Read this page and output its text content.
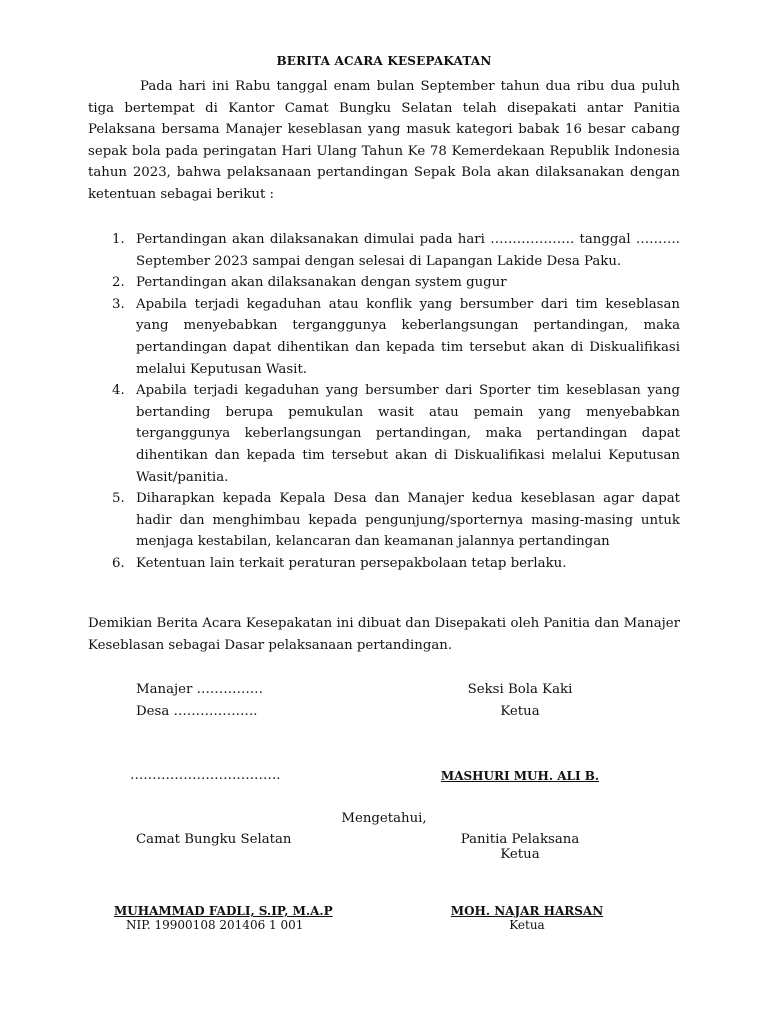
BERITA ACARA KESEPAKATAN

Pada hari ini Rabu tanggal enam bulan September tahun dua ribu dua puluh tiga bertempat di Kantor Camat Bungku Selatan telah disepakati antar Panitia Pelaksana bersama Manajer keseblasan yang masuk kategori babak 16 besar cabang sepak bola pada peringatan Hari Ulang Tahun Ke 78 Kemerdekaan Republik Indonesia tahun 2023, bahwa pelaksanaan pertandingan Sepak Bola akan dilaksanakan dengan ketentuan sebagai berikut :

1. Pertandingan akan dilaksanakan dimulai pada hari ………………. tanggal ………. September 2023 sampai dengan selesai di Lapangan Lakide Desa Paku.
2. Pertandingan akan dilaksanakan dengan system gugur
3. Apabila terjadi kegaduhan atau konflik yang bersumber dari tim keseblasan yang menyebabkan terganggunya keberlangsungan pertandingan, maka pertandingan dapat dihentikan dan kepada tim tersebut akan di Diskualifikasi melalui Keputusan Wasit.
4. Apabila terjadi kegaduhan yang bersumber dari Sporter tim keseblasan yang bertanding berupa pemukulan wasit atau pemain yang menyebabkan terganggunya keberlangsungan pertandingan, maka pertandingan dapat dihentikan dan kepada tim tersebut akan di Diskualifikasi melalui Keputusan Wasit/panitia.
5. Diharapkan kepada Kepala Desa dan Manajer kedua keseblasan agar dapat hadir dan menghimbau kepada pengunjung/sporternya masing-masing untuk menjaga kestabilan, kelancaran dan keamanan jalannya pertandingan
6. Ketentuan lain terkait peraturan persepakbolaan tetap berlaku.

Demikian Berita Acara Kesepakatan ini dibuat dan Disepakati oleh Panitia dan Manajer Keseblasan sebagai Dasar pelaksanaan pertandingan.

Manajer ……………
Desa ……………….
…………………………….
Seksi Bola Kaki
Ketua
MASHURI MUH. ALI B.
Mengetahui,
Camat Bungku Selatan	Panitia Pelaksana
Ketua
MUHAMMAD FADLI, S.IP, M.A.P
NIP. 19900108 201406 1 001
MOH. NAJAR HARSAN
Ketua
